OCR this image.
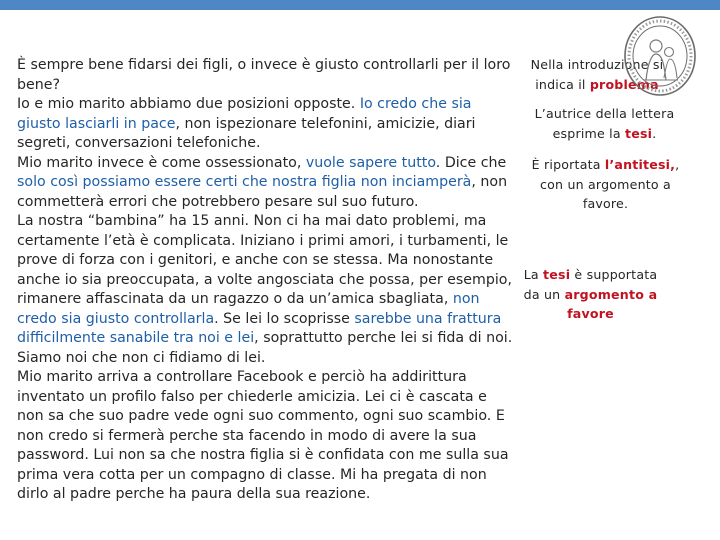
È sempre bene fidarsi dei figli, o invece è giusto controllarli per il loro bene?

Io e mio marito abbiamo due posizioni opposte. Io credo che sia giusto lasciarli in pace, non ispezionare telefonini, amicizie, diari segreti, conversazioni telefoniche.

Mio marito invece è come ossessionato, vuole sapere tutto. Dice che solo così possiamo essere certi che nostra figlia non inciamperà, non commetterà errori che potrebbero pesare sul suo futuro.

La nostra “bambina” ha 15 anni. Non ci ha mai dato problemi, ma certamente l’età è complicata. Iniziano i primi amori, i turbamenti, le prove di forza con i genitori, e anche con se stessa. Ma nonostante anche io sia preoccupata, a volte angosciata che possa, per esempio, rimanere affascinata da un ragazzo o da un’amica sbagliata, non credo sia giusto controllarla. Se lei lo scoprisse sarebbe una frattura difficilmente sanabile tra noi e lei, soprattutto perche lei si fida di noi. Siamo noi che non ci fidiamo di lei.

Mio marito arriva a controllare Facebook e perciò ha addirittura inventato un profilo falso per chiederle amicizia. Lei ci è cascata e non sa che suo padre vede ogni suo commento, ogni suo scambio. E non credo si fermerà perche sta facendo in modo di avere la sua password. Lui non sa che nostra figlia si è confidata con me sulla sua prima vera cotta per un compagno di classe. Mi ha pregata di non dirlo al padre perche ha paura della sua reazione.

Nella introduzione si indica il problema
L’autrice della lettera esprime la tesi.
È riportata l’antitesi,, con un argomento a favore.
La tesi è supportata da un argomento a favore
